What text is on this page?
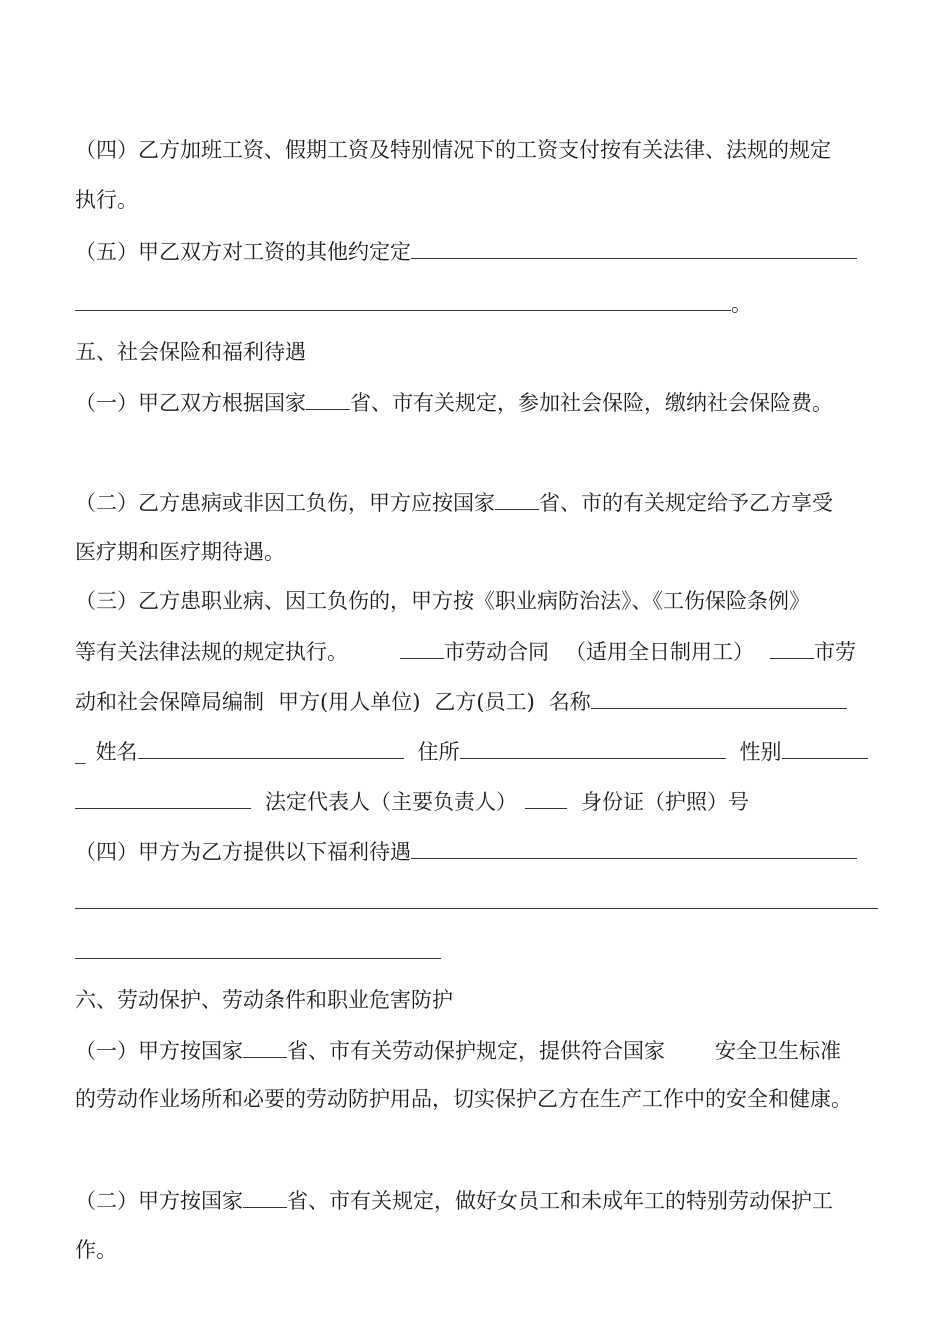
（四）乙方加班工资、假期工资及特别情况下的工资支付按有关法律、法规的规定
执行。
（五）甲乙双方对工资的其他约定定
。
五、社会保险和福利待遇
（一）甲乙双方根据国家 省、市有关规定，参加社会保险，缴纳社会保险费。
（二）乙方患病或非因工负伤，甲方应按国家 省、市的有关规定给予乙方享受
医疗期和医疗期待遇。
（三）乙方患职业病、因工负伤的，甲方按《职业病防治法》、《工伤保险条例》
等有关法律法规的规定执行。	市劳动合同 （适用全日制用工）	市劳
动和社会保障局编制 甲方(用人单位) 乙方(员工) 名称
_ 姓名	住所	性别
法定代表人（主要负责人）	身份证（护照）号
（四）甲方为乙方提供以下福利待遇
六、劳动保护、劳动条件和职业危害防护
（一）甲方按国家 省、市有关劳动保护规定，提供符合国家 安全卫生标准
的劳动作业场所和必要的劳动防护用品，切实保护乙方在生产工作中的安全和健康。
（二）甲方按国家 省、市有关规定，做好女员工和未成年工的特别劳动保护工
作。
